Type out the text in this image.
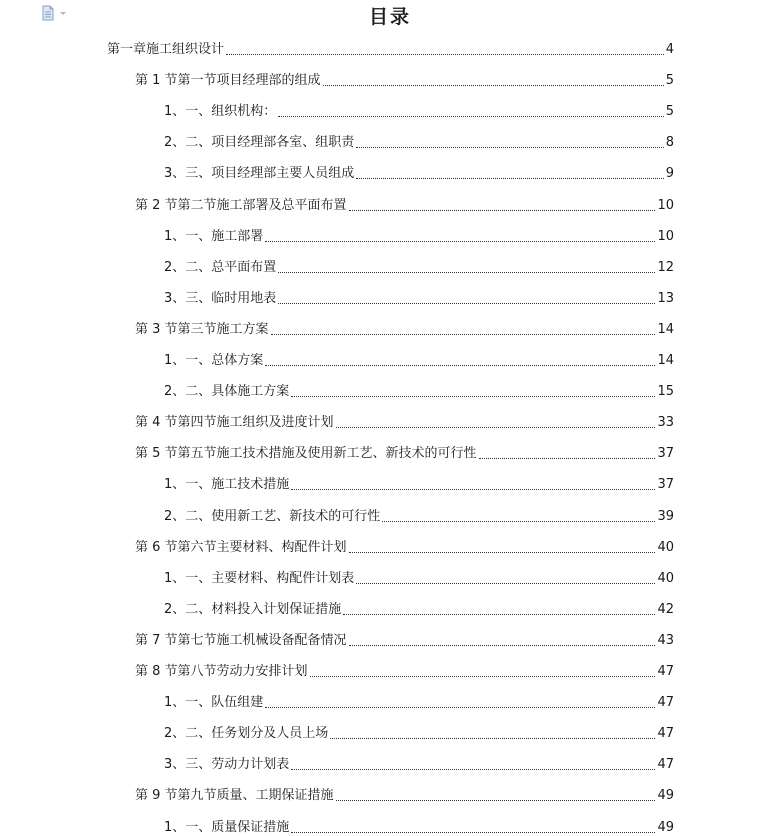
目录
第一章 施工组织设计	4
第 1 节 第一节项目经理部的组成	5
1、 一、组织机构：	5
2、 二、项目经理部各室、组职责	8
3、 三、项目经理部主要人员组成	9
第 2 节 第二节施工部署及总平面布置	10
1、 一、施工部署	10
2、 二、总平面布置	12
3、 三、临时用地表	13
第 3 节 第三节施工方案	14
1、 一、总体方案	14
2、 二、具体施工方案	15
第 4 节 第四节施工组织及进度计划	33
第 5 节 第五节施工技术措施及使用新工艺、新技术的可行性	37
1、 一、施工技术措施	37
2、 二、使用新工艺、新技术的可行性	39
第 6 节 第六节主要材料、构配件计划	40
1、 一、主要材料、构配件计划表	40
2、 二、材料投入计划保证措施	42
第 7 节 第七节施工机械设备配备情况	43
第 8 节 第八节劳动力安排计划	47
1、 一、队伍组建	47
2、 二、任务划分及人员上场	47
3、 三、劳动力计划表	47
第 9 节 第九节质量、工期保证措施	49
1、 一、质量保证措施	49
